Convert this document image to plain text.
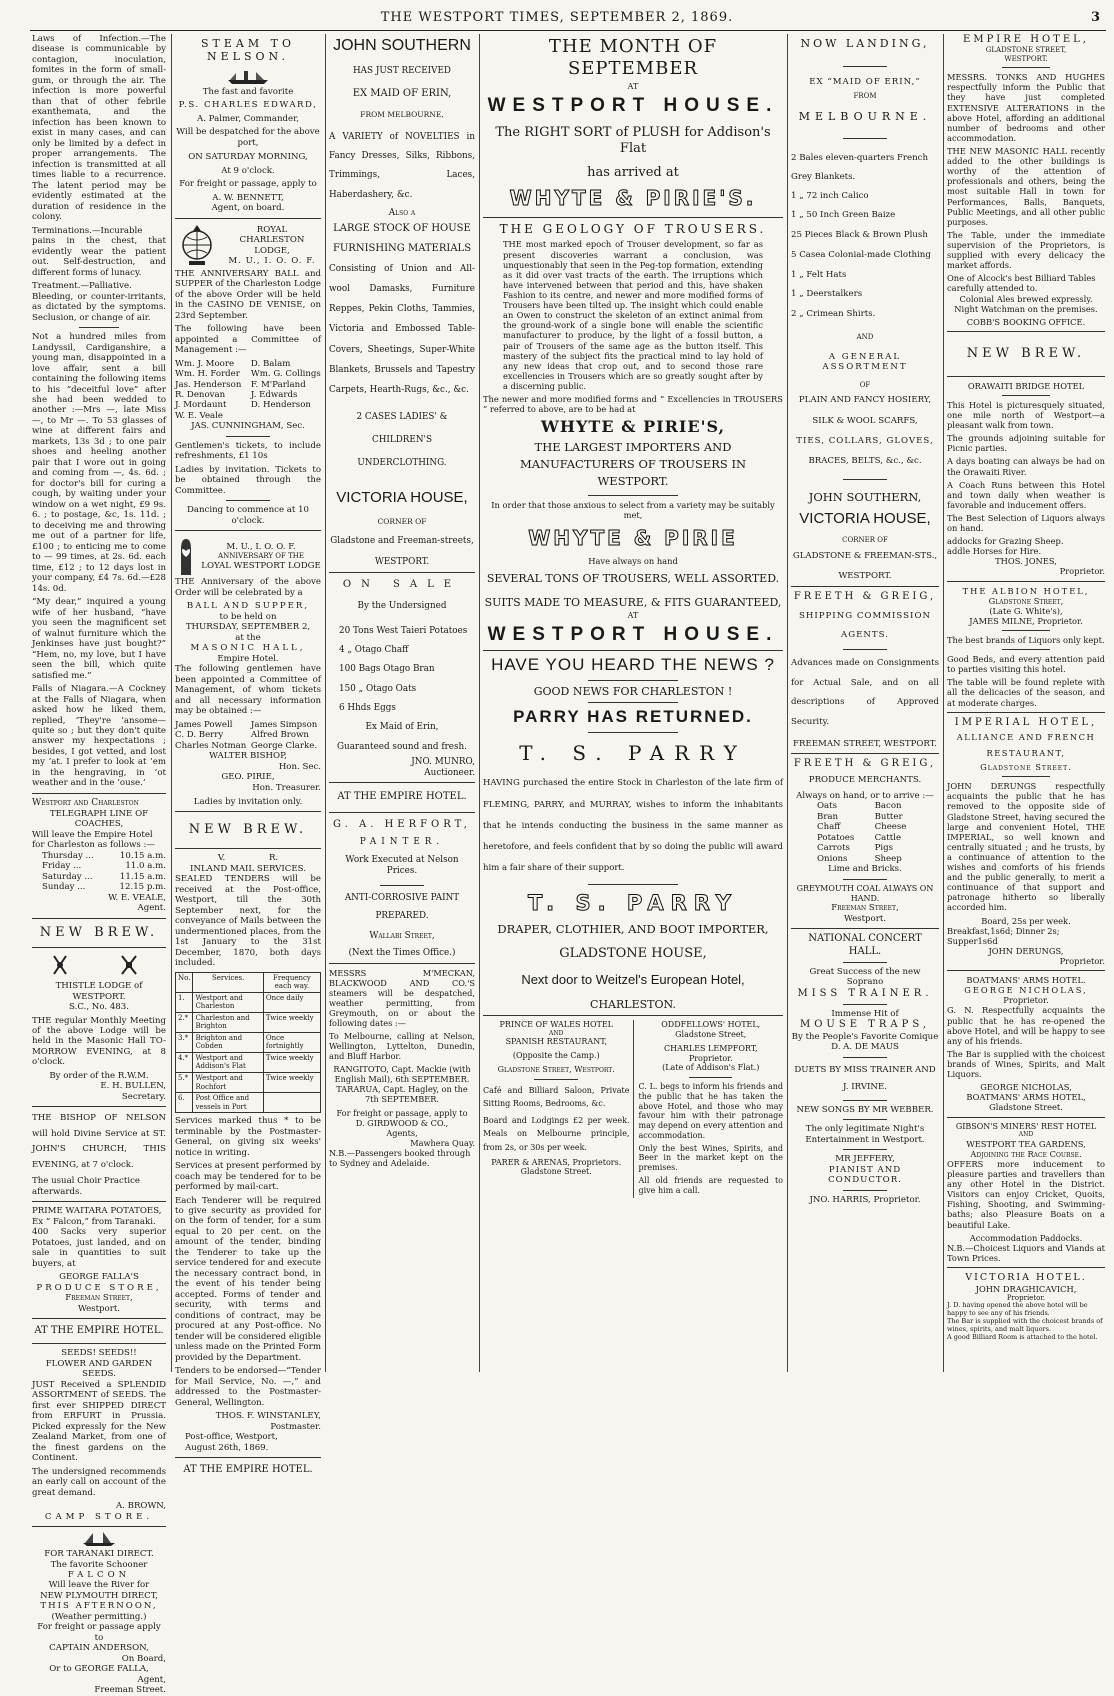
THE WESTPORT TIMES, SEPTEMBER 2, 1869.	3

Laws of Infection.—The disease is communicable by contagion, inoculation, fomites in the form of small-gum, or through the air. The infection is more powerful than that of other febrile exanthemata, and the infection has been known to exist in many cases, and can only be limited by a defect in proper arrangements. The infection is transmitted at all times liable to a recurrence. The latent period may be evidently estimated at the duration of residence in the colony.

Terminations.—Incurable pains in the chest, that evidently wear the patient out. Self-destruction, and different forms of lunacy.

Treatment.—Palliative. Bleeding, or counter-irritants, as dictated by the symptoms. Seclusion, or change of air.

Not a hundred miles from Landyssil, Cardiganshire, a young man, disappointed in a love affair, sent a bill containing the following items to his “deceitful love” after she had been wedded to another :—Mrs —, late Miss —, to Mr —. To 53 glasses of wine at different fairs and markets, 13s 3d ; to one pair shoes and heeling another pair that I wore out in going and coming from —, 4s. 6d. ; for doctor's bill for curing a cough, by waiting under your window on a wet night, £9 9s. 6. ; to postage, &c, 1s. 11d. ; to deceiving me and throwing me out of a partner for life, £100 ; to enticing me to come to — 99 times, at 2s. 6d. each time, £12 ; to 12 days lost in your company, £4 7s. 6d.—£28 14s. 0d.

“My dear,” inquired a young wife of her husband, “have you seen the magnificent set of walnut furniture which the Jenkinses have just bought?” “Hem, no, my love, but I have seen the bill, which quite satisfied me.”

Falls of Niagara.—A Cockney at the Falls of Niagara, when asked how he liked them, replied, ‘They're ’ansome—quite so ; but they don't quite answer my hexpectations ; besides, I got vetted, and lost my ’at. I prefer to look at ’em in the hengraving, in ’ot weather and in the ’ouse.’

Westport and Charleston
TELEGRAPH LINE OF COACHES,
Will leave the Empire Hotel for Charleston as follows :—
Thursday ...	10.15 a.m.
Friday ...	11.0 a.m.
Saturday ...	11.15 a.m.
Sunday ...	12.15 p.m.
W. E. VEALE,
Agent.
NEW BREW.
THISTLE LODGE of WESTPORT.
S.C., No. 483.

THE regular Monthly Meeting of the above Lodge will be held in the Masonic Hall TO-MORROW EVENING, at 8 o'clock.

By order of the R.W.M.
E. H. BULLEN,
Secretary.

THE BISHOP OF NELSON will hold Divine Service at ST. JOHN'S CHURCH, THIS EVENING, at 7 o'clock.

The usual Choir Practice afterwards.
PRIME WAITARA POTATOES, Ex “ Falcon,” from Taranaki.

400 Sacks very superior Potatoes, just landed, and on sale in quantities to suit buyers, at

GEORGE FALLA'S
PRODUCE STORE,
Freeman Street,
Westport.
AT THE EMPIRE HOTEL.
SEEDS! SEEDS!!
FLOWER AND GARDEN SEEDS.

JUST Received a SPLENDID ASSORTMENT of SEEDS. The first ever SHIPPED DIRECT from ERFURT in Prussia. Picked expressly for the New Zealand Market, from one of the finest gardens on the Continent.

The undersigned recommends an early call on account of the great demand.

A. BROWN,
CAMP STORE.
FOR TARANAKI DIRECT.
The favorite Schooner
FALCON
Will leave the River for
NEW PLYMOUTH DIRECT,
THIS AFTERNOON,
(Weather permitting.)
For freight or passage apply to
CAPTAIN ANDERSON,
On Board,
Or to GEORGE FALLA,
Agent,
Freeman Street.
STEAM TO NELSON.
The fast and favorite
P.S. CHARLES EDWARD,
A. Palmer, Commander,
Will be despatched for the above port,
ON SATURDAY MORNING,
At 9 o'clock.
For freight or passage, apply to
A. W. BENNETT,
Agent, on board.
ROYAL CHARLESTON
LODGE,
M. U., I. O. O. F.

THE ANNIVERSARY BALL and SUPPER of the Charleston Lodge of the above Order will be held in the CASINO DE VENISE, on 23rd September.

The following have been appointed a Committee of Management :—

Wm. J. Moore D. Balam
Wm. H. Forder Wm. G. Collings
Jas. Henderson F. M'Parland
R. Denovan	J. Edwards
J. Mordaunt	D. Henderson
W. E. Veale
JAS. CUNNINGHAM, Sec.

Gentlemen's tickets, to include refreshments, £1 10s

Ladies by invitation. Tickets to be obtained through the Committee.

Dancing to commence at 10 o'clock.
M. U., I. O. O. F.
ANNIVERSARY OF THE
LOYAL WESTPORT LODGE

THE Anniversary of the above Order will be celebrated by a

BALL AND SUPPER,
to be held on
THURSDAY, SEPTEMBER 2,
at the
MASONIC HALL,
Empire Hotel.

The following gentlemen have been appointed a Committee of Management, of whom tickets and all necessary information may be obtained :—

James Powell James Simpson
C. D. Berry	Alfred Brown
Charles Notman George Clarke.
WALTER BISHOP,
Hon. Sec.
GEO. PIRIE,
Hon. Treasurer.
Ladies by invitation only.
NEW BREW.
V.                R.
INLAND MAIL SERVICES.

SEALED TENDERS will be received at the Post-office, Westport, till the 30th September next, for the conveyance of Mails between the undermentioned places, from the 1st January to the 31st December, 1870, both days included.

No.	Services.	Frequency each way.
1.	Westport and Charleston	Once daily
2.*	Charleston and Brighton	Twice weekly
3.*	Brighton and Cobden	Once fortnightly
4.*	Westport and Addison's Flat	Twice weekly
5.*	Westport and Rochfort	Twice weekly
6.	Post Office and vessels in Port	

Services marked thus * to be terminable by the Postmaster-General, on giving six weeks' notice in writing.

Services at present performed by coach may be tendered for to be performed by mail-cart.

Each Tenderer will be required to give security as provided for on the form of tender, for a sum equal to 20 per cent. on the amount of the tender, binding the Tenderer to take up the service tendered for and execute the necessary contract bond, in the event of his tender being accepted. Forms of tender and security, with terms and conditions of contract, may be procured at any Post-office. No tender will be considered eligible unless made on the Printed Form provided by the Department.

Tenders to be endorsed—“Tender for Mail Service, No. —,” and addressed to the Postmaster-General, Wellington.

THOS. F. WINSTANLEY,
Postmaster.
Post-office, Westport,
August 26th, 1869.
AT THE EMPIRE HOTEL.
JOHN SOUTHERN
HAS JUST RECEIVED
EX MAID OF ERIN,
FROM MELBOURNE,

A VARIETY of NOVELTIES in Fancy Dresses, Silks, Ribbons, Trimmings, Laces, Haberdashery, &c.

Also a
LARGE STOCK OF HOUSE FURNISHING MATERIALS

Consisting of Union and All-wool Damasks, Furniture Reppes, Pekin Cloths, Tammies, Victoria and Embossed Table-Covers, Sheetings, Super-White Blankets, Brussels and Tapestry Carpets, Hearth-Rugs, &c., &c.

2 CASES LADIES' & CHILDREN'S UNDERCLOTHING.
VICTORIA HOUSE,
CORNER OF
Gladstone and Freeman-streets,
WESTPORT.
ON SALE
By the Undersigned
20 Tons West Taieri Potatoes
4 „ Otago Chaff
100 Bags Otago Bran
150 „ Otago Oats
6 Hhds Eggs
Ex Maid of Erin,
Guaranteed sound and fresh.
JNO. MUNRO,
Auctioneer.
AT THE EMPIRE HOTEL.
G. A. HERFORT,
PAINTER.
Work Executed at Nelson Prices.
ANTI-CORROSIVE PAINT PREPARED.
Wallabi Street,
(Next the Times Office.)

MESSRS M'MECKAN, BLACKWOOD AND CO.'S steamers will be despatched, weather permitting, from Greymouth, on or about the following dates :—

To Melbourne, calling at Nelson, Wellington, Lyttelton, Dunedin, and Bluff Harbor.

RANGITOTO, Capt. Mackie (with English Mail), 6th SEPTEMBER.
TARARUA, Capt. Hagley, on the 7th SEPTEMBER.
For freight or passage, apply to
D. GIRDWOOD & CO.,
Agents,
Mawhera Quay.
N.B.—Passengers booked through to Sydney and Adelaide.
THE MONTH OF SEPTEMBER
AT
WESTPORT HOUSE.
The RIGHT SORT of PLUSH for Addison's Flat
has arrived at
WHYTE & PIRIE'S.
THE GEOLOGY OF TROUSERS.

THE most marked epoch of Trouser development, so far as present discoveries warrant a conclusion, was unquestionably that seen in the Peg-top formation, extending as it did over vast tracts of the earth. The irruptions which have intervened between that period and this, have shaken Fashion to its centre, and newer and more modified forms of Trousers have been tilted up. The insight which could enable an Owen to construct the skeleton of an extinct animal from the ground-work of a single bone will enable the scientific manufacturer to produce, by the light of a fossil button, a pair of Trousers of the same age as the button itself. This mastery of the subject fits the practical mind to lay hold of any new ideas that crop out, and to second those rare excellencies in Trousers which are so greatly sought after by a discerning public.

The newer and more modified forms and “ Excellencies in TROUSERS ” referred to above, are to be had at

WHYTE & PIRIE'S,
THE LARGEST IMPORTERS AND MANUFACTURERS OF TROUSERS IN WESTPORT.
In order that those anxious to select from a variety may be suitably met,
WHYTE & PIRIE
Have always on hand
SEVERAL TONS OF TROUSERS, WELL ASSORTED.
SUITS MADE TO MEASURE, & FITS GUARANTEED,
AT
WESTPORT HOUSE.
HAVE YOU HEARD THE NEWS ?
GOOD NEWS FOR CHARLESTON !
PARRY HAS RETURNED.
T. S. PARRY

HAVING purchased the entire Stock in Charleston of the late firm of FLEMING, PARRY, and MURRAY, wishes to inform the inhabitants that he intends conducting the business in the same manner as heretofore, and feels confident that by so doing the public will award him a fair share of their support.

T. S. PARRY
DRAPER, CLOTHIER, AND BOOT IMPORTER,
GLADSTONE HOUSE,
Next door to Weitzel's European Hotel,
CHARLESTON.
PRINCE OF WALES HOTEL
AND
SPANISH RESTAURANT,
(Opposite the Camp.)
Gladstone Street, Westport.

Café and Billiard Saloon, Private Sitting Rooms, Bedrooms, &c.

Board and Lodgings £2 per week. Meals on Melbourne principle, from 2s, or 30s per week.

PARER & ARENAS, Proprietors.
Gladstone Street.
ODDFELLOWS' HOTEL,
Gladstone Street,
CHARLES LEMPFORT,
Proprietor.
(Late of Addison's Flat.)

C. L. begs to inform his friends and the public that he has taken the above Hotel, and those who may favour him with their patronage may depend on every attention and accommodation.

Only the best Wines, Spirits, and Beer in the market kept on the premises.

All old friends are requested to give him a call.

NOW LANDING,
EX “MAID OF ERIN,”
FROM
MELBOURNE.
2 Bales eleven-quarters French Grey Blankets.
1 „ 72 inch Calico
1 „ 50 Inch Green Baize
25 Pieces Black & Brown Plush
5 Casea Colonial-made Clothing
1 „ Felt Hats
1 „ Deerstalkers
2 „ Crimean Shirts.
AND
A GENERAL ASSORTMENT
OF
PLAIN AND FANCY HOSIERY,
SILK & WOOL SCARFS,
TIES, COLLARS, GLOVES,
BRACES, BELTS, &c., &c.
JOHN SOUTHERN,
VICTORIA HOUSE,
CORNER OF
GLADSTONE & FREEMAN-STS.,
WESTPORT.
FREETH & GREIG,
SHIPPING COMMISSION AGENTS.

Advances made on Consignments for Actual Sale, and on all descriptions of Approved Security.

FREEMAN STREET, WESTPORT.
FREETH & GREIG,
PRODUCE MERCHANTS.
Always on hand, or to arrive :—
Oats	Bacon
Bran	Butter
Chaff	Cheese
Potatoes Cattle
Carrots	Pigs
Onions	Sheep
Lime and Bricks.
GREYMOUTH COAL ALWAYS ON HAND.
Freeman Street,
Westport.
NATIONAL CONCERT HALL.
Great Success of the new Soprano
MISS TRAINER.
Immense Hit of
MOUSE TRAPS,
By the People's Favorite Comique
D. A. DE MAUS
DUETS BY MISS TRAINER AND J. IRVINE.
NEW SONGS BY MR WEBBER.
The only legitimate Night's Entertainment in Westport.
MR JEFFERY,
PIANIST AND CONDUCTOR.
JNO. HARRIS, Proprietor.
EMPIRE HOTEL,
GLADSTONE STREET,
WESTPORT.

MESSRS. TONKS AND HUGHES respectfully inform the Public that they have just completed EXTENSIVE ALTERATIONS in the above Hotel, affording an additional number of bedrooms and other accommodation.

THE NEW MASONIC HALL recently added to the other buildings is worthy of the attention of professionals and others, being the most suitable Hall in town for Performances, Balls, Banquets, Public Meetings, and all other public purposes.

The Table, under the immediate supervision of the Proprietors, is supplied with every delicacy the market affords.

One of Alcock's best Billiard Tables carefully attended to.
Colonial Ales brewed expressly.
Night Watchman on the premises.
COBB'S BOOKING OFFICE.
NEW BREW.
ORAWAITI BRIDGE HOTEL

This Hotel is picturesquely situated, one mile north of Westport—a pleasant walk from town.

The grounds adjoining suitable for Picnic parties.

A days boating can always be had on the Orawaiti River.

A Coach Runs between this Hotel and town daily when weather is favorable and inducement offers.

The Best Selection of Liquors always on hand.

addocks for Grazing Sheep.
addle Horses for Hire.
THOS. JONES,
Proprietor.
THE ALBION HOTEL,
Gladstone Street,
(Late G. White's),
JAMES MILNE, Proprietor.
The best brands of Liquors only kept.

Good Beds, and every attention paid to parties visiting this hotel.

The table will be found replete with all the delicacies of the season, and at moderate charges.

IMPERIAL HOTEL,
ALLIANCE AND FRENCH RESTAURANT,
Gladstone Street.

JOHN DERUNGS respectfully acquaints the public that he has removed to the opposite side of Gladstone Street, having secured the large and convenient Hotel, THE IMPERIAL, so well known and centrally situated ; and he trusts, by a continuance of attention to the wishes and comforts of his friends and the public generally, to merit a continuance of that support and patronage hitherto so liberally accorded him.

Board, 25s per week.
Breakfast,1s6d; Dinner 2s; Supper1s6d
JOHN DERUNGS,
Proprietor.
BOATMANS' ARMS HOTEL.
GEORGE NICHOLAS,
Proprietor.

G. N. Respectfully acquaints the public that he has re-opened the above Hotel, and will be happy to see any of his friends.

The Bar is supplied with the choicest brands of Wines, Spirits, and Malt Liquors.

GEORGE NICHOLAS,
BOATMANS' ARMS HOTEL,
Gladstone Street.
GIBSON'S MINERS' REST HOTEL
AND
WESTPORT TEA GARDENS,
Adjoining the Race Course.

OFFERS more inducement to pleasure parties and travellers than any other Hotel in the District. Visitors can enjoy Cricket, Quoits, Fishing, Shooting, and Swimming-baths; also Pleasure Boats on a beautiful Lake.

Accommodation Paddocks.

N.B.—Choicest Liquors and Viands at Town Prices.

VICTORIA HOTEL.
JOHN DRAGHICAVICH,
Proprietor.
J. D. having opened the above hotel will be happy to see any of his friends.
The Bar is supplied with the choicest brands of wines, spirits, and malt liquors.
A good Billiard Room is attached to the hotel.
